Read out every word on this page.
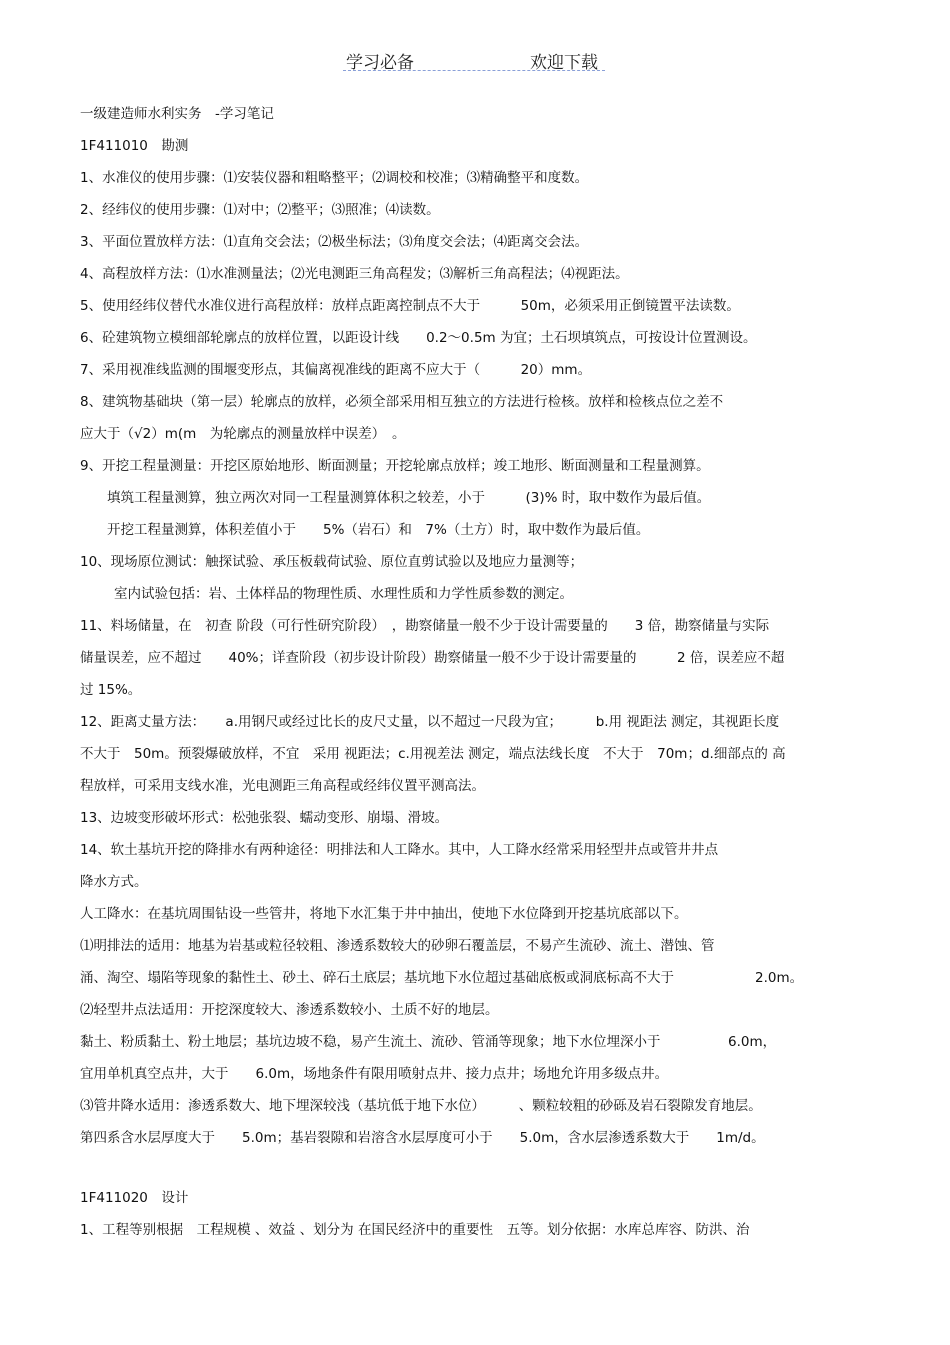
学习必备	欢迎下载
一级建造师水利实务　-学习笔记
1F411010　勘测
1、水准仪的使用步骤：⑴安装仪器和粗略整平；⑵调校和校准；⑶精确整平和度数。
2、经纬仪的使用步骤：⑴对中；⑵整平；⑶照准；⑷读数。
3、平面位置放样方法：⑴直角交会法；⑵极坐标法；⑶角度交会法；⑷距离交会法。
4、高程放样方法：⑴水准测量法；⑵光电测距三角高程发；⑶解析三角高程法；⑷视距法。
5、使用经纬仪替代水准仪进行高程放样：放样点距离控制点不大于　　　50m，必须采用正倒镜置平法读数。
6、砼建筑物立模细部轮廓点的放样位置，以距设计线　　0.2～0.5m 为宜；土石坝填筑点，可按设计位置测设。
7、采用视准线监测的围堰变形点，其偏离视准线的距离不应大于（　　　20）mm。
8、建筑物基础块（第一层）轮廓点的放样，必须全部采用相互独立的方法进行检核。放样和检核点位之差不
应大于（√2）m(m　为轮廓点的测量放样中误差）　。
9、开挖工程量测量：开挖区原始地形、断面测量；开挖轮廓点放样；竣工地形、断面测量和工程量测算。
填筑工程量测算，独立两次对同一工程量测算体积之较差，小于　　　(3)% 时，取中数作为最后值。
开挖工程量测算，体积差值小于　　5%（岩石）和　7%（土方）时，取中数作为最后值。
10、现场原位测试：触探试验、承压板载荷试验、原位直剪试验以及地应力量测等；
室内试验包括：岩、土体样品的物理性质、水理性质和力学性质参数的测定。
11、料场储量，在　初查 阶段（可行性研究阶段）　，勘察储量一般不少于设计需要量的　　3 倍，勘察储量与实际
储量误差，应不超过　　40%；详查阶段（初步设计阶段）勘察储量一般不少于设计需要量的　　　2 倍，误差应不超
过 15%。
12、距离丈量方法：　　a.用钢尺或经过比长的皮尺丈量，以不超过一尺段为宜；　　　b.用 视距法 测定，其视距长度
不大于　50m。预裂爆破放样，不宜　采用 视距法；c.用视差法 测定，端点法线长度　不大于　70m；d.细部点的 高
程放样，可采用支线水准，光电测距三角高程或经纬仪置平测高法。
13、边坡变形破坏形式：松弛张裂、蠕动变形、崩塌、滑坡。
14、软土基坑开挖的降排水有两种途径：明排法和人工降水。其中，人工降水经常采用轻型井点或管井井点
降水方式。
人工降水：在基坑周围钻设一些管井，将地下水汇集于井中抽出，使地下水位降到开挖基坑底部以下。
⑴明排法的适用：地基为岩基或粒径较粗、渗透系数较大的砂卵石覆盖层，不易产生流砂、流土、潜蚀、管
涌、淘空、塌陷等现象的黏性土、砂土、碎石土底层；基坑地下水位超过基础底板或洞底标高不大于　　　　　　2.0m。
⑵轻型井点法适用：开挖深度较大、渗透系数较小、土质不好的地层。
黏土、粉质黏土、粉土地层；基坑边坡不稳，易产生流土、流砂、管涌等现象；地下水位埋深小于　　　　　6.0m，
宜用单机真空点井，大于　　6.0m，场地条件有限用喷射点井、接力点井；场地允许用多级点井。
⑶管井降水适用：渗透系数大、地下埋深较浅（基坑低于地下水位）　　　、颗粒较粗的砂砾及岩石裂隙发育地层。
第四系含水层厚度大于　　5.0m；基岩裂隙和岩溶含水层厚度可小于　　5.0m，含水层渗透系数大于　　1m/d。
1F411020　设计
1、工程等别根据　工程规模 、效益 、划分为 在国民经济中的重要性　五等。划分依据：水库总库容、防洪、治
